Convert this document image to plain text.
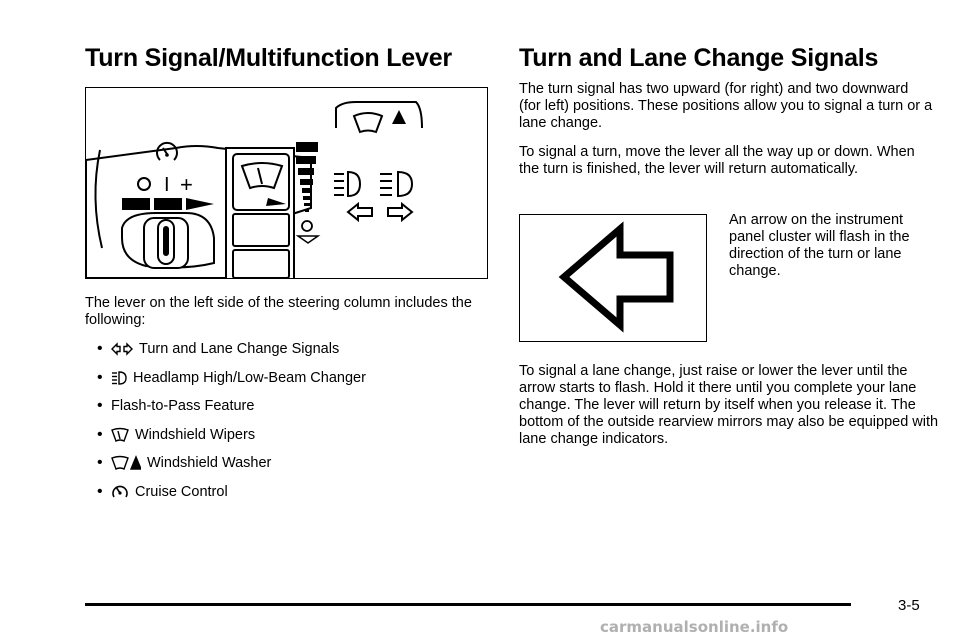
Turn Signal/Multifunction Lever
I +

The lever on the left side of the steering column includes the following:

•	Turn and Lane Change Signals
•	Headlamp High/Low-Beam Changer
• Flash-to-Pass Feature
•	Windshield Wipers
•	Windshield Washer
•	Cruise Control
Turn and Lane Change Signals

The turn signal has two upward (for right) and two downward (for left) positions. These positions allow you to signal a turn or a lane change.

To signal a turn, move the lever all the way up or down. When the turn is finished, the lever will return automatically.

An arrow on the instrument panel cluster will flash in the direction of the turn or lane change.

To signal a lane change, just raise or lower the lever until the arrow starts to flash. Hold it there until you complete your lane change. The lever will return by itself when you release it. The bottom of the outside rearview mirrors may also be equipped with lane change indicators.

3-5
carmanualsonline.info
